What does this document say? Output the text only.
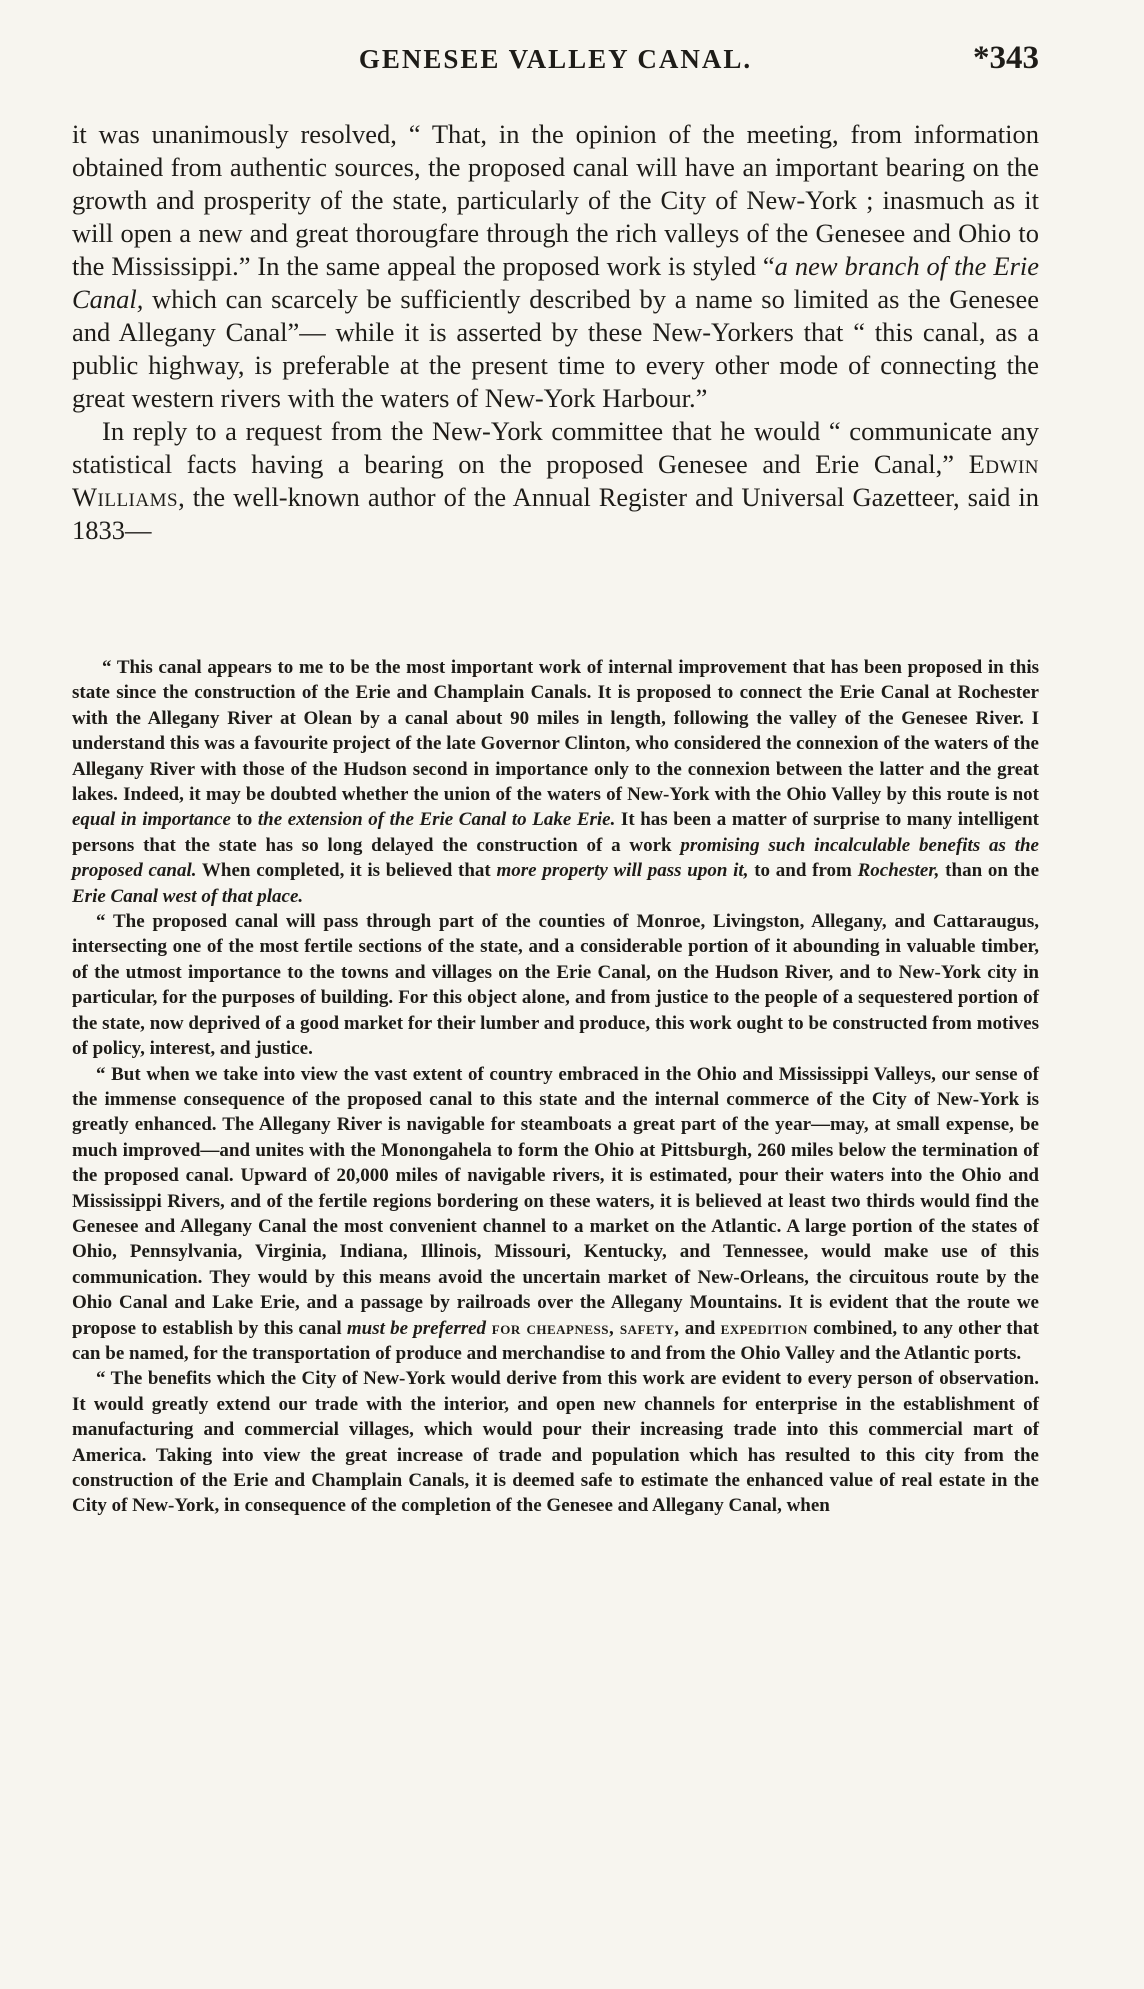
GENESEE VALLEY CANAL.	*343

it was unanimously resolved, “ That, in the opinion of the meeting, from information obtained from authentic sources, the proposed canal will have an important bearing on the growth and prosperity of the state, particularly of the City of New-York ; inasmuch as it will open a new and great thorougfare through the rich valleys of the Genesee and Ohio to the Mississippi.” In the same appeal the proposed work is styled “a new branch of the Erie Canal, which can scarcely be sufficiently described by a name so limited as the Genesee and Allegany Canal”— while it is asserted by these New-Yorkers that “ this canal, as a public highway, is preferable at the present time to every other mode of connecting the great western rivers with the waters of New-York Harbour.”

In reply to a request from the New-York committee that he would “ communicate any statistical facts having a bearing on the proposed Genesee and Erie Canal,” Edwin Williams, the well-known author of the Annual Register and Universal Gazetteer, said in 1833—

“ This canal appears to me to be the most important work of internal improvement that has been proposed in this state since the construction of the Erie and Champlain Canals. It is proposed to connect the Erie Canal at Rochester with the Allegany River at Olean by a canal about 90 miles in length, following the valley of the Genesee River. I understand this was a favourite project of the late Governor Clinton, who considered the connexion of the waters of the Allegany River with those of the Hudson second in importance only to the connexion between the latter and the great lakes. Indeed, it may be doubted whether the union of the waters of New-York with the Ohio Valley by this route is not equal in importance to the extension of the Erie Canal to Lake Erie. It has been a matter of surprise to many intelligent persons that the state has so long delayed the construction of a work promising such incalculable benefits as the proposed canal. When completed, it is believed that more property will pass upon it, to and from Rochester, than on the Erie Canal west of that place.

“ The proposed canal will pass through part of the counties of Monroe, Livingston, Allegany, and Cattaraugus, intersecting one of the most fertile sections of the state, and a considerable portion of it abounding in valuable timber, of the utmost importance to the towns and villages on the Erie Canal, on the Hudson River, and to New-York city in particular, for the purposes of building. For this object alone, and from justice to the people of a sequestered portion of the state, now deprived of a good market for their lumber and produce, this work ought to be constructed from motives of policy, interest, and justice.

“ But when we take into view the vast extent of country embraced in the Ohio and Mississippi Valleys, our sense of the immense consequence of the proposed canal to this state and the internal commerce of the City of New-York is greatly enhanced. The Allegany River is navigable for steamboats a great part of the year—may, at small expense, be much improved—and unites with the Monongahela to form the Ohio at Pittsburgh, 260 miles below the termination of the proposed canal. Upward of 20,000 miles of navigable rivers, it is estimated, pour their waters into the Ohio and Mississippi Rivers, and of the fertile regions bordering on these waters, it is believed at least two thirds would find the Genesee and Allegany Canal the most convenient channel to a market on the Atlantic. A large portion of the states of Ohio, Pennsylvania, Virginia, Indiana, Illinois, Missouri, Kentucky, and Tennessee, would make use of this communication. They would by this means avoid the uncertain market of New-Orleans, the circuitous route by the Ohio Canal and Lake Erie, and a passage by railroads over the Allegany Mountains. It is evident that the route we propose to establish by this canal must be preferred for cheapness, safety, and expedition combined, to any other that can be named, for the transportation of produce and merchandise to and from the Ohio Valley and the Atlantic ports.

“ The benefits which the City of New-York would derive from this work are evident to every person of observation. It would greatly extend our trade with the interior, and open new channels for enterprise in the establishment of manufacturing and commercial villages, which would pour their increasing trade into this commercial mart of America. Taking into view the great increase of trade and population which has resulted to this city from the construction of the Erie and Champlain Canals, it is deemed safe to estimate the enhanced value of real estate in the City of New-York, in consequence of the completion of the Genesee and Allegany Canal, when
